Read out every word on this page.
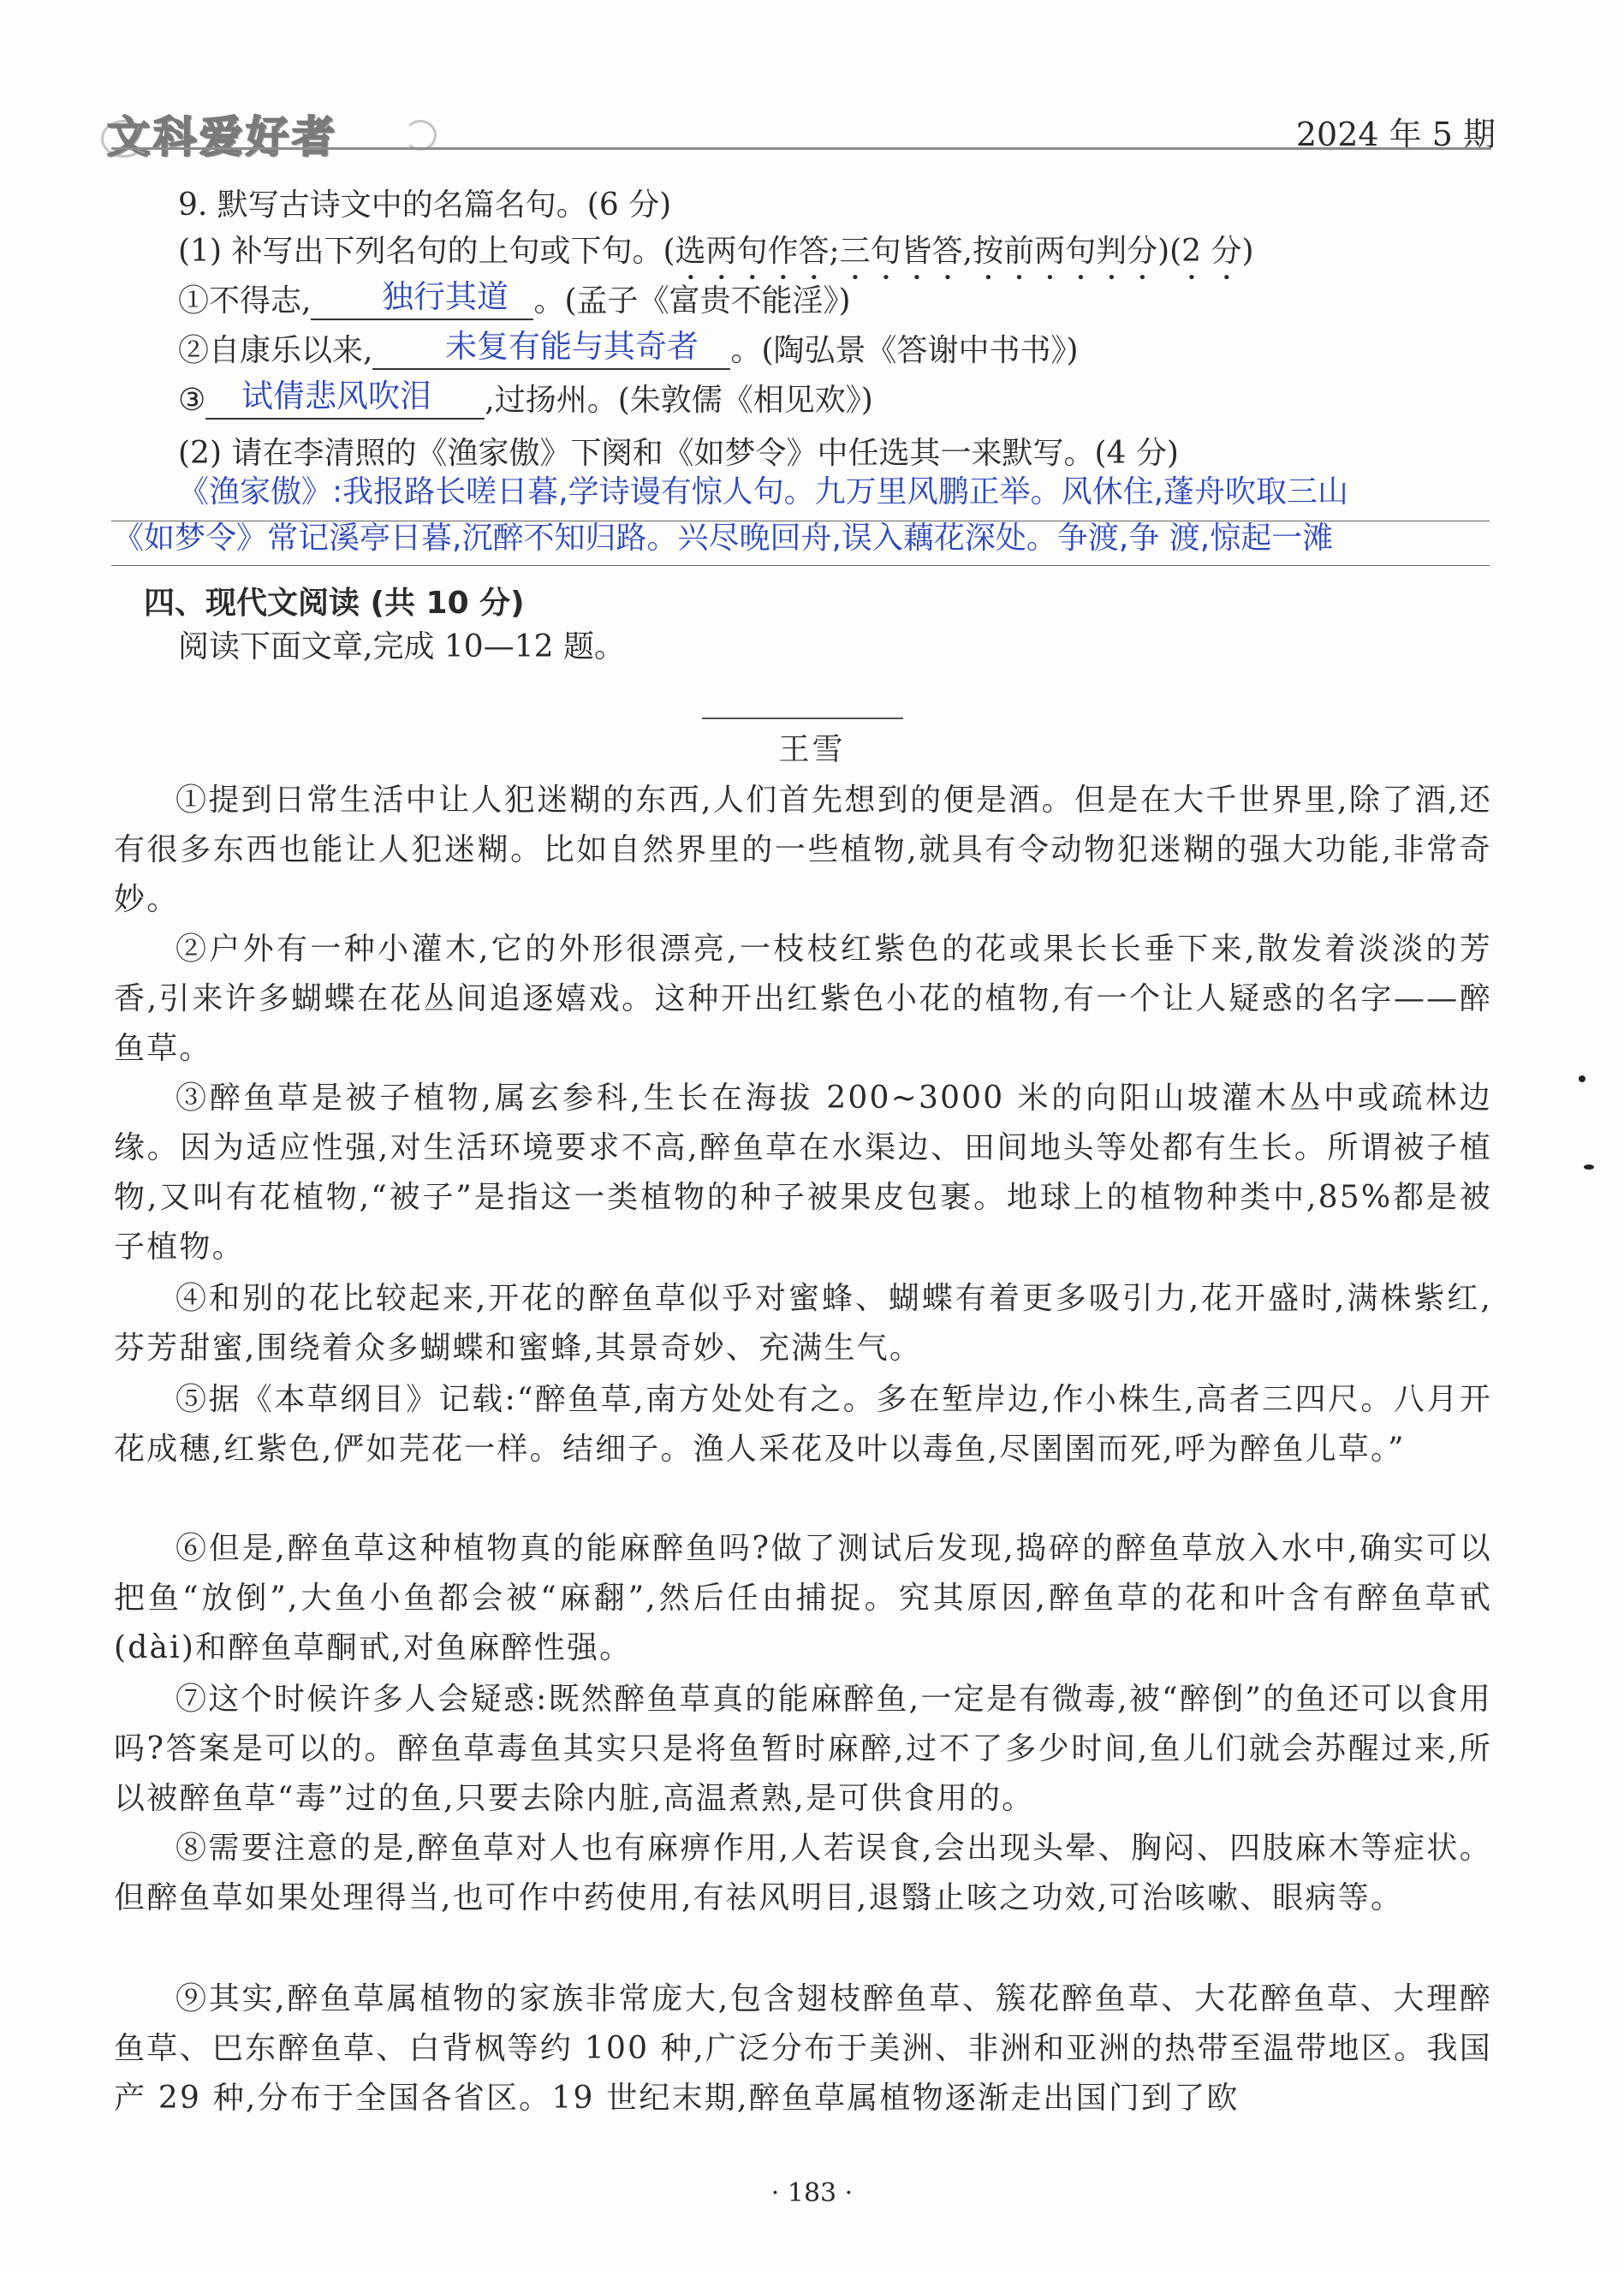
文科爱好者	2024 年 5 期
9. 默写古诗文中的名篇名句。(6 分)
(1) 补写出下列名句的上句或下句。(选两句作答;三句皆答,按前两句判分)(2 分)
①不得志,	。(孟子《富贵不能淫》)
独行其道
②自康乐以来,	。(陶弘景《答谢中书书》)
未复有能与其奇者
③	,过扬州。(朱敦儒《相见欢》)
试倩悲风吹泪
(2) 请在李清照的《渔家傲》下阕和《如梦令》中任选其一来默写。(4 分)
《渔家傲》:我报路长嗟日暮,学诗谩有惊人句。九万里风鹏正举。风休住,蓬舟吹取三山
《如梦令》常记溪亭日暮,沉醉不知归路。兴尽晚回舟,误入藕花深处。争渡,争 渡,惊起一滩
四、现代文阅读 (共 10 分)
阅读下面文章,完成 10—12 题。
王雪
①提到日常生活中让人犯迷糊的东西,人们首先想到的便是酒。但是在大千世界里,除了酒,还有很多东西也能让人犯迷糊。比如自然界里的一些植物,就具有令动物犯迷糊的强大功能,非常奇妙。
②户外有一种小灌木,它的外形很漂亮,一枝枝红紫色的花或果长长垂下来,散发着淡淡的芳香,引来许多蝴蝶在花丛间追逐嬉戏。这种开出红紫色小花的植物,有一个让人疑惑的名字——醉鱼草。
③醉鱼草是被子植物,属玄参科,生长在海拔 200~3000 米的向阳山坡灌木丛中或疏林边缘。因为适应性强,对生活环境要求不高,醉鱼草在水渠边、田间地头等处都有生长。所谓被子植物,又叫有花植物,“被子”是指这一类植物的种子被果皮包裹。地球上的植物种类中,85%都是被子植物。
④和别的花比较起来,开花的醉鱼草似乎对蜜蜂、蝴蝶有着更多吸引力,花开盛时,满株紫红,芬芳甜蜜,围绕着众多蝴蝶和蜜蜂,其景奇妙、充满生气。
⑤据《本草纲目》记载:“醉鱼草,南方处处有之。多在堑岸边,作小株生,高者三四尺。八月开花成穗,红紫色,俨如芫花一样。结细子。渔人采花及叶以毒鱼,尽圉圉而死,呼为醉鱼儿草。”
⑥但是,醉鱼草这种植物真的能麻醉鱼吗?做了测试后发现,捣碎的醉鱼草放入水中,确实可以把鱼“放倒”,大鱼小鱼都会被“麻翻”,然后任由捕捉。究其原因,醉鱼草的花和叶含有醉鱼草甙(dài)和醉鱼草酮甙,对鱼麻醉性强。
⑦这个时候许多人会疑惑:既然醉鱼草真的能麻醉鱼,一定是有微毒,被“醉倒”的鱼还可以食用吗?答案是可以的。醉鱼草毒鱼其实只是将鱼暂时麻醉,过不了多少时间,鱼儿们就会苏醒过来,所以被醉鱼草“毒”过的鱼,只要去除内脏,高温煮熟,是可供食用的。
⑧需要注意的是,醉鱼草对人也有麻痹作用,人若误食,会出现头晕、胸闷、四肢麻木等症状。但醉鱼草如果处理得当,也可作中药使用,有祛风明目,退翳止咳之功效,可治咳嗽、眼病等。
⑨其实,醉鱼草属植物的家族非常庞大,包含翅枝醉鱼草、簇花醉鱼草、大花醉鱼草、大理醉鱼草、巴东醉鱼草、白背枫等约 100 种,广泛分布于美洲、非洲和亚洲的热带至温带地区。我国产 29 种,分布于全国各省区。19 世纪末期,醉鱼草属植物逐渐走出国门到了欧
· 183 ·
